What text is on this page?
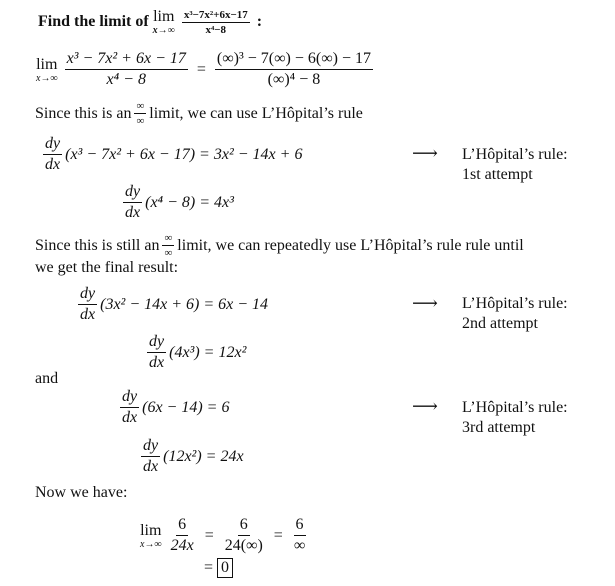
Find the limit of
lim
$x\to\infty \frac{\text{x³−7x²+6x−17}}{\text{x⁴−8}}$
:
lim
$x\to\infty \frac{\text{x³ − 7x² + 6x − 17}}{\text{x⁴ − 8}} = \frac{\text{(∞)³ − 7(∞) − 6(∞) − 17}}{\text{(∞)⁴ − 8}}$
Since this is an $\frac{\infty}{\infty}$ limit, we can use L’Hôpital’s rule
$\frac{dy}{dx} (x^3 - 7x^2 + 6x - 17) = 3x^2 - 14x + 6$	⟶ L’Hôpital’s rule:
1st attempt
$\frac{dy}{dx} (x^4 - 8) = 4x^3$
Since this is still an $\frac{\infty}{\infty}$ limit, we can repeatedly use L’Hôpital’s rule rule until
we get the final result:
$\frac{dy}{dx} (3x^2 - 14x + 6) = 6x - 14$	⟶ L’Hôpital’s rule:
2nd attempt
$\frac{dy}{dx} (4x^3) = 12x^2$
and
$\frac{dy}{dx} (6x - 14) = 6$	⟶ L’Hôpital’s rule:
3rd attempt
$\frac{dy}{dx} (12x^2) = 24x$
Now we have:
lim
$x\to\infty \frac{6}{24x} = \frac{6}{24(\infty)} = \frac{6}{\infty}$
= 0
